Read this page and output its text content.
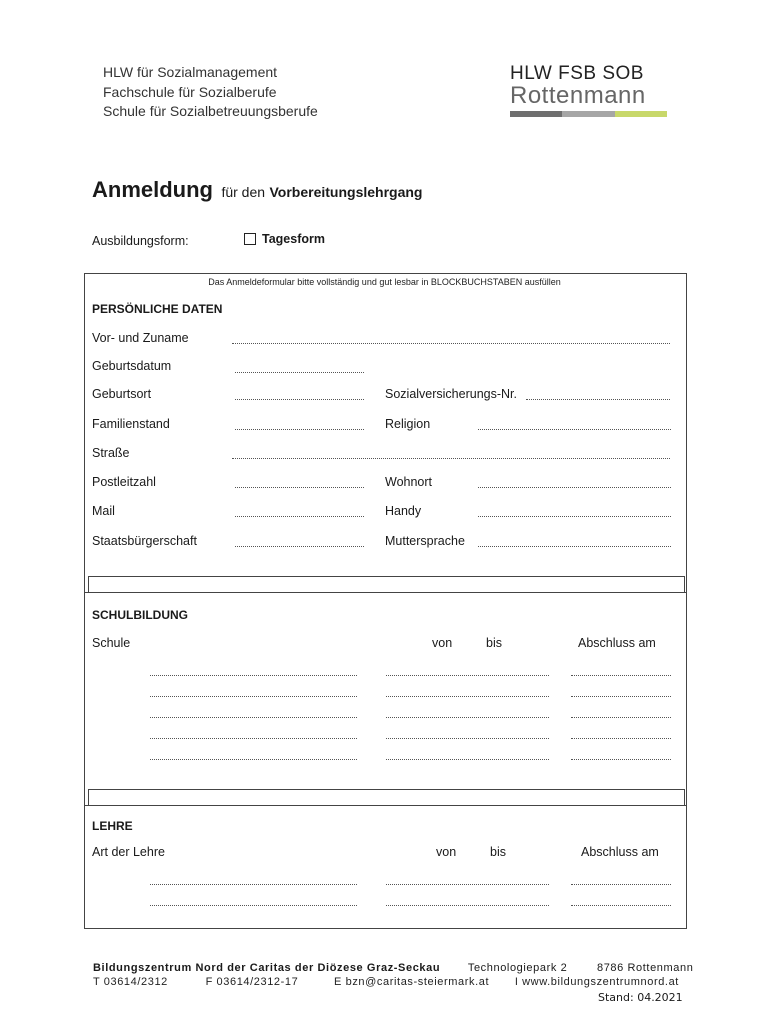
HLW für Sozialmanagement
Fachschule für Sozialberufe
Schule für Sozialbetreuungsberufe
HLW FSB SOB
Rottenmann
Anmeldung für den Vorbereitungslehrgang
Ausbildungsform:	Tagesform
Das Anmeldeformular bitte vollständig und gut lesbar in BLOCKBUCHSTABEN ausfüllen
PERSÖNLICHE DATEN
Vor- und Zuname
Geburtsdatum
Geburtsort	Sozialversicherungs-Nr.
Familienstand	Religion
Straße
Postleitzahl	Wohnort
Mail	Handy
Staatsbürgerschaft	Muttersprache
SCHULBILDUNG
Schule	von	bis	Abschluss am
LEHRE
Art der Lehre	von	bis	Abschluss am
Bildungszentrum Nord der Caritas der Diözese Graz-Seckau	Technologiepark 2	8786 Rottenmann
T 03614/2312	F 03614/2312-17	E bzn@caritas-steiermark.at I www.bildungszentrumnord.at
Stand: 04.2021
